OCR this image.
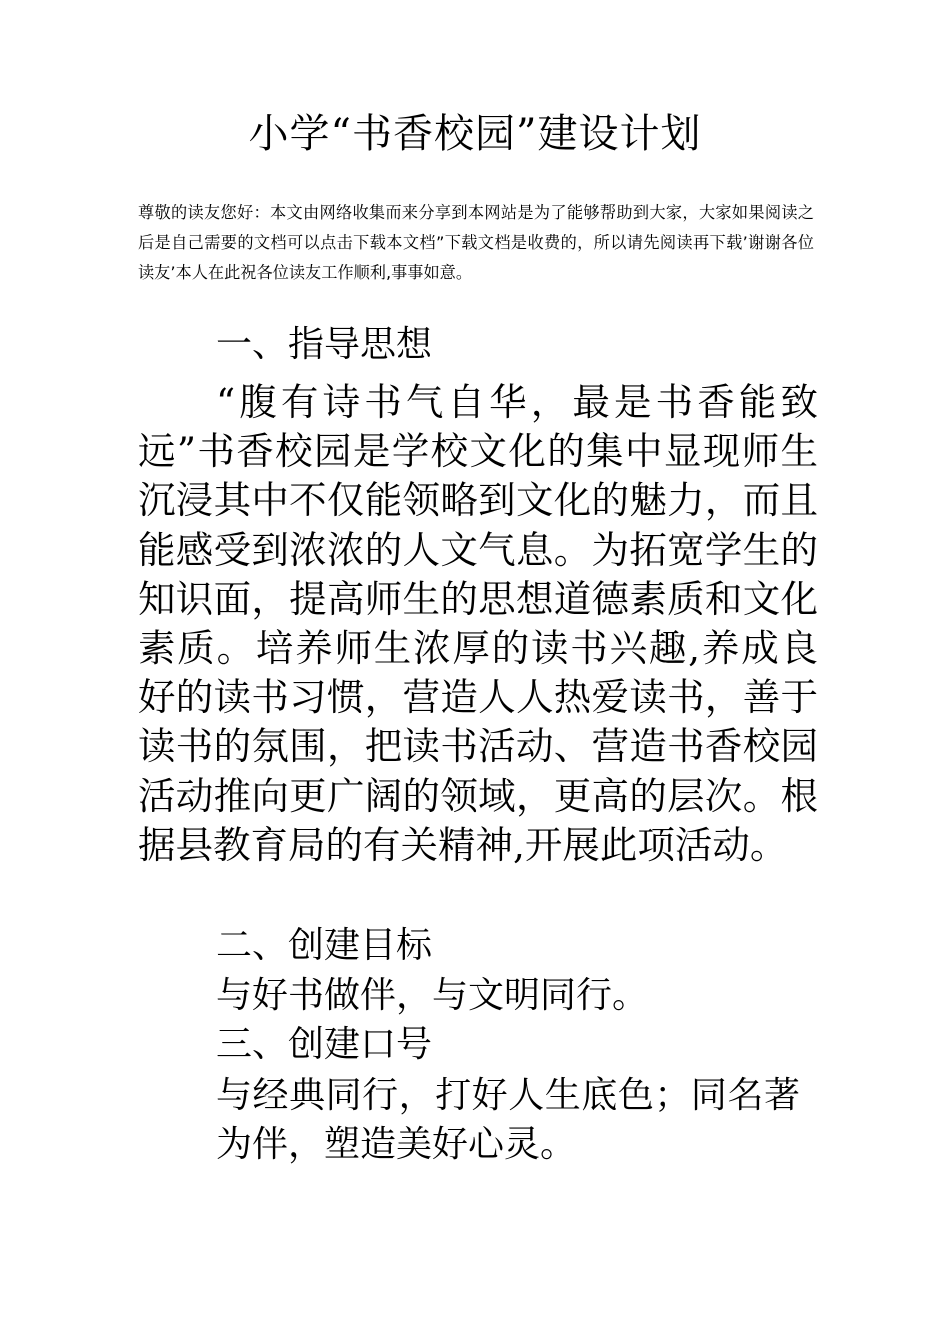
小学“书香校园”建设计划

尊敬的读友您好：本文由网络收集而来分享到本网站是为了能够帮助到大家，大家如果阅读之后是自己需要的文档可以点击下载本文档”下载文档是收费的，所以请先阅读再下载’谢谢各位读友’本人在此祝各位读友工作顺利,事事如意。

一、指导思想

“腹有诗书气自华，最是书香能致远”书香校园是学校文化的集中显现师生沉浸其中不仅能领略到文化的魅力，而且能感受到浓浓的人文气息。为拓宽学生的知识面，提高师生的思想道德素质和文化素质。培养师生浓厚的读书兴趣,养成良好的读书习惯，营造人人热爱读书，善于读书的氛围，把读书活动、营造书香校园活动推向更广阔的领域，更高的层次。根据县教育局的有关精神,开展此项活动。

二、创建目标

与好书做伴，与文明同行。

三、创建口号

与经典同行，打好人生底色；同名著为伴，塑造美好心灵。
